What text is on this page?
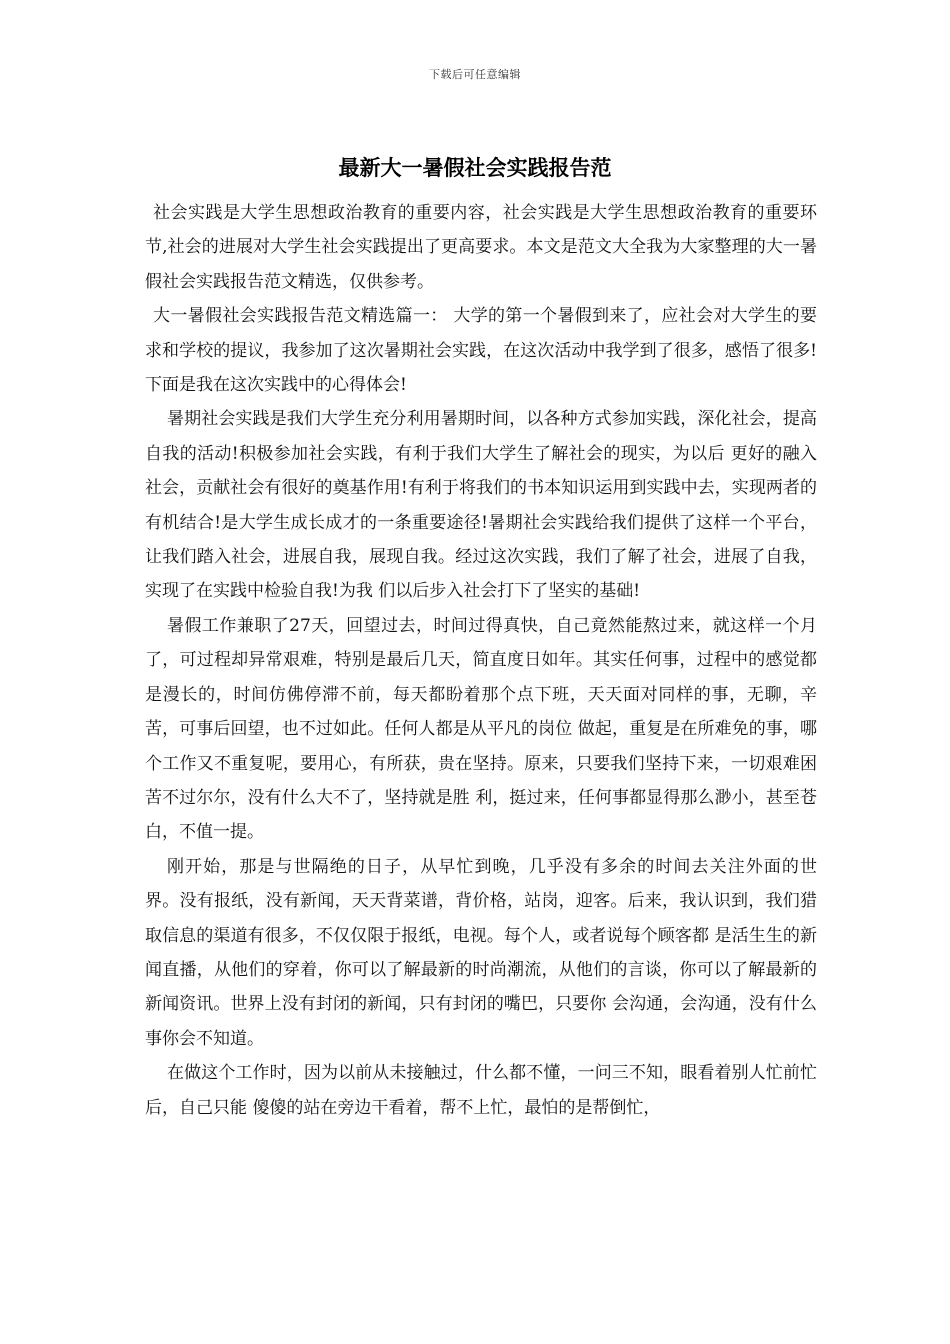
下载后可任意编辑
最新大一暑假社会实践报告范

社会实践是大学生思想政治教育的重要内容，社会实践是大学生思想政治教育的重要环节,社会的进展对大学生社会实践提出了更高要求。本文是范文大全我为大家整理的大一暑假社会实践报告范文精选，仅供参考。

大一暑假社会实践报告范文精选篇一： 大学的第一个暑假到来了，应社会对大学生的要求和学校的提议，我参加了这次暑期社会实践，在这次活动中我学到了很多，感悟了很多!下面是我在这次实践中的心得体会!

暑期社会实践是我们大学生充分利用暑期时间，以各种方式参加实践，深化社会，提高自我的活动!积极参加社会实践，有利于我们大学生了解社会的现实，为以后 更好的融入社会，贡献社会有很好的奠基作用!有利于将我们的书本知识运用到实践中去，实现两者的有机结合!是大学生成长成才的一条重要途径!暑期社会实践给我们提供了这样一个平台，让我们踏入社会，进展自我，展现自我。经过这次实践，我们了解了社会，进展了自我，实现了在实践中检验自我!为我 们以后步入社会打下了坚实的基础!

暑假工作兼职了27天，回望过去，时间过得真快，自己竟然能熬过来，就这样一个月了，可过程却异常艰难，特别是最后几天，简直度日如年。其实任何事，过程中的感觉都是漫长的，时间仿佛停滞不前，每天都盼着那个点下班，天天面对同样的事，无聊，辛苦，可事后回望，也不过如此。任何人都是从平凡的岗位 做起，重复是在所难免的事，哪个工作又不重复呢，要用心，有所获，贵在坚持。原来，只要我们坚持下来，一切艰难困苦不过尔尔，没有什么大不了，坚持就是胜 利，挺过来，任何事都显得那么渺小，甚至苍白，不值一提。

刚开始，那是与世隔绝的日子，从早忙到晚，几乎没有多余的时间去关注外面的世 界。没有报纸，没有新闻，天天背菜谱，背价格，站岗，迎客。后来，我认识到，我们猎取信息的渠道有很多，不仅仅限于报纸，电视。每个人，或者说每个顾客都 是活生生的新闻直播，从他们的穿着，你可以了解最新的时尚潮流，从他们的言谈，你可以了解最新的新闻资讯。世界上没有封闭的新闻，只有封闭的嘴巴，只要你 会沟通，会沟通，没有什么事你会不知道。

在做这个工作时，因为以前从未接触过，什么都不懂，一问三不知，眼看着别人忙前忙后，自己只能 傻傻的站在旁边干看着，帮不上忙，最怕的是帮倒忙，
